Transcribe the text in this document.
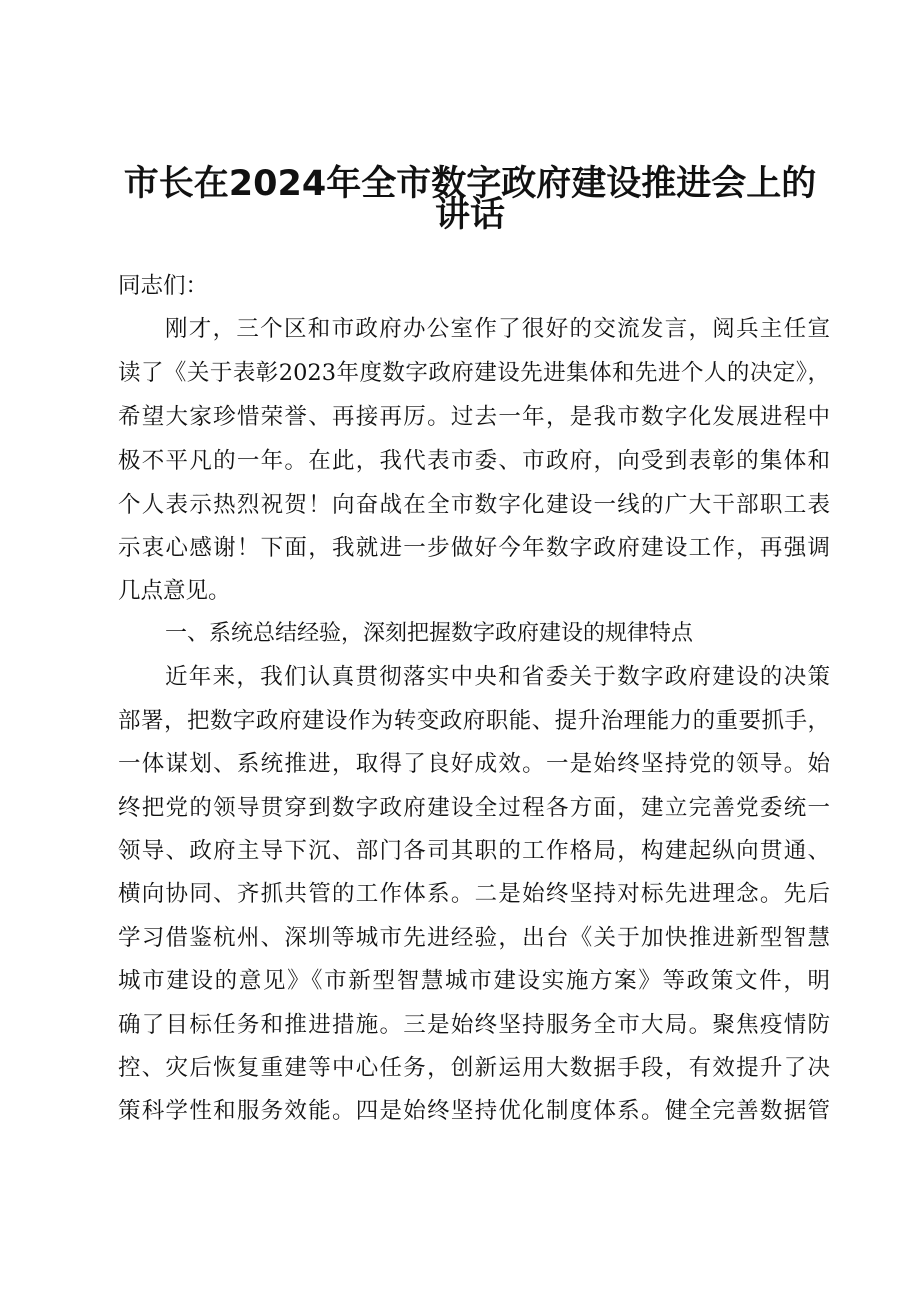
市长在2024年全市数字政府建设推进会上的
讲话
同志们：
刚才，三个区和市政府办公室作了很好的交流发言，阅兵主任宣
读了《关于表彰2023年度数字政府建设先进集体和先进个人的决定》，
希望大家珍惜荣誉、再接再厉。过去一年，是我市数字化发展进程中
极不平凡的一年。在此，我代表市委、市政府，向受到表彰的集体和
个人表示热烈祝贺！向奋战在全市数字化建设一线的广大干部职工表
示衷心感谢！下面，我就进一步做好今年数字政府建设工作，再强调
几点意见。
一、系统总结经验，深刻把握数字政府建设的规律特点
近年来，我们认真贯彻落实中央和省委关于数字政府建设的决策
部署，把数字政府建设作为转变政府职能、提升治理能力的重要抓手，
一体谋划、系统推进，取得了良好成效。一是始终坚持党的领导。始
终把党的领导贯穿到数字政府建设全过程各方面，建立完善党委统一
领导、政府主导下沉、部门各司其职的工作格局，构建起纵向贯通、
横向协同、齐抓共管的工作体系。二是始终坚持对标先进理念。先后
学习借鉴杭州、深圳等城市先进经验，出台《关于加快推进新型智慧
城市建设的意见》《市新型智慧城市建设实施方案》等政策文件，明
确了目标任务和推进措施。三是始终坚持服务全市大局。聚焦疫情防
控、灾后恢复重建等中心任务，创新运用大数据手段，有效提升了决
策科学性和服务效能。四是始终坚持优化制度体系。健全完善数据管
